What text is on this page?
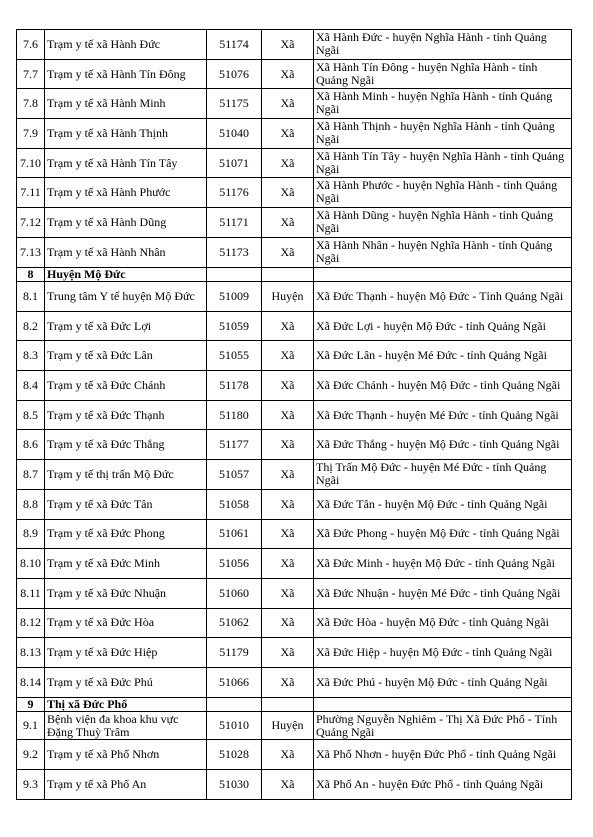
7.6	Trạm y tế xã Hành Đức	51174	Xã	Xã Hành Đức - huyện Nghĩa Hành - tỉnh Quảng Ngãi
7.7	Trạm y tế xã Hành Tín Đông	51076	Xã	Xã Hành Tín Đông - huyện Nghĩa Hành - tỉnh Quảng Ngãi
7.8	Trạm y tế xã Hành Minh	51175	Xã	Xã Hành Minh - huyện Nghĩa Hành - tỉnh Quảng Ngãi
7.9	Trạm y tế xã Hành Thịnh	51040	Xã	Xã Hành Thịnh - huyện Nghĩa Hành - tỉnh Quảng Ngãi
7.10	Trạm y tế xã Hành Tín Tây	51071	Xã	Xã Hành Tín Tây - huyện Nghĩa Hành - tỉnh Quảng Ngãi
7.11	Trạm y tế xã Hành Phước	51176	Xã	Xã Hành Phước - huyện Nghĩa Hành - tỉnh Quảng Ngãi
7.12	Trạm y tế xã Hành Dũng	51171	Xã	Xã Hành Dũng - huyện Nghĩa Hành - tỉnh Quảng Ngãi
7.13	Trạm y tế xã Hành Nhân	51173	Xã	Xã Hành Nhân - huyện Nghĩa Hành - tỉnh Quảng Ngãi
8	Huyện Mộ Đức			
8.1	Trung tâm Y tế huyện Mộ Đức	51009	Huyện	Xã Đức Thạnh - huyện Mộ Đức - Tỉnh Quảng Ngãi
8.2	Trạm y tế xã Đức Lợi	51059	Xã	Xã Đức Lợi - huyện Mộ Đức - tỉnh Quảng Ngãi
8.3	Trạm y tế xã Đức Lân	51055	Xã	Xã Đức Lân - huyện Mé Đức - tỉnh Quảng Ngãi
8.4	Trạm y tế xã Đức Chánh	51178	Xã	Xã Đức Chánh - huyện Mộ Đức - tỉnh Quảng Ngãi
8.5	Trạm y tế xã Đức Thạnh	51180	Xã	Xã Đức Thạnh - huyện Mé Đức - tỉnh Quảng Ngãi
8.6	Trạm y tế xã Đức Thắng	51177	Xã	Xã Đức Thắng - huyện Mộ Đức - tỉnh Quảng Ngãi
8.7	Trạm y tế thị trấn Mộ Đức	51057	Xã	Thị Trấn Mộ Đức - huyện Mé Đức - tỉnh Quảng Ngãi
8.8	Trạm y tế xã Đức Tân	51058	Xã	Xã Đức Tân - huyện Mộ Đức - tỉnh Quảng Ngãi
8.9	Trạm y tế xã Đức Phong	51061	Xã	Xã Đức Phong - huyện Mộ Đức - tỉnh Quảng Ngãi
8.10	Trạm y tế xã Đức Minh	51056	Xã	Xã Đức Minh - huyện Mộ Đức - tỉnh Quảng Ngãi
8.11	Trạm y tế xã Đức Nhuận	51060	Xã	Xã Đức Nhuận - huyện Mé Đức - tỉnh Quảng Ngãi
8.12	Trạm y tế xã Đức Hòa	51062	Xã	Xã Đức Hòa - huyện Mộ Đức - tỉnh Quảng Ngãi
8.13	Trạm y tế xã Đức Hiệp	51179	Xã	Xã Đức Hiệp - huyện Mộ Đức - tỉnh Quảng Ngãi
8.14	Trạm y tế xã Đức Phú	51066	Xã	Xã Đức Phú - huyện Mộ Đức - tỉnh Quảng Ngãi
9	Thị xã Đức Phổ			
9.1	Bệnh viện đa khoa khu vực Đặng Thuỳ Trâm	51010	Huyện	Phường Nguyễn Nghiêm - Thị Xã Đức Phổ - Tỉnh Quảng Ngãi
9.2	Trạm y tế xã Phổ Nhơn	51028	Xã	Xã Phổ Nhơn - huyện Đức Phổ - tỉnh Quảng Ngãi
9.3	Trạm y tế xã Phổ An	51030	Xã	Xã Phổ An - huyện Đức Phổ - tỉnh Quảng Ngãi
